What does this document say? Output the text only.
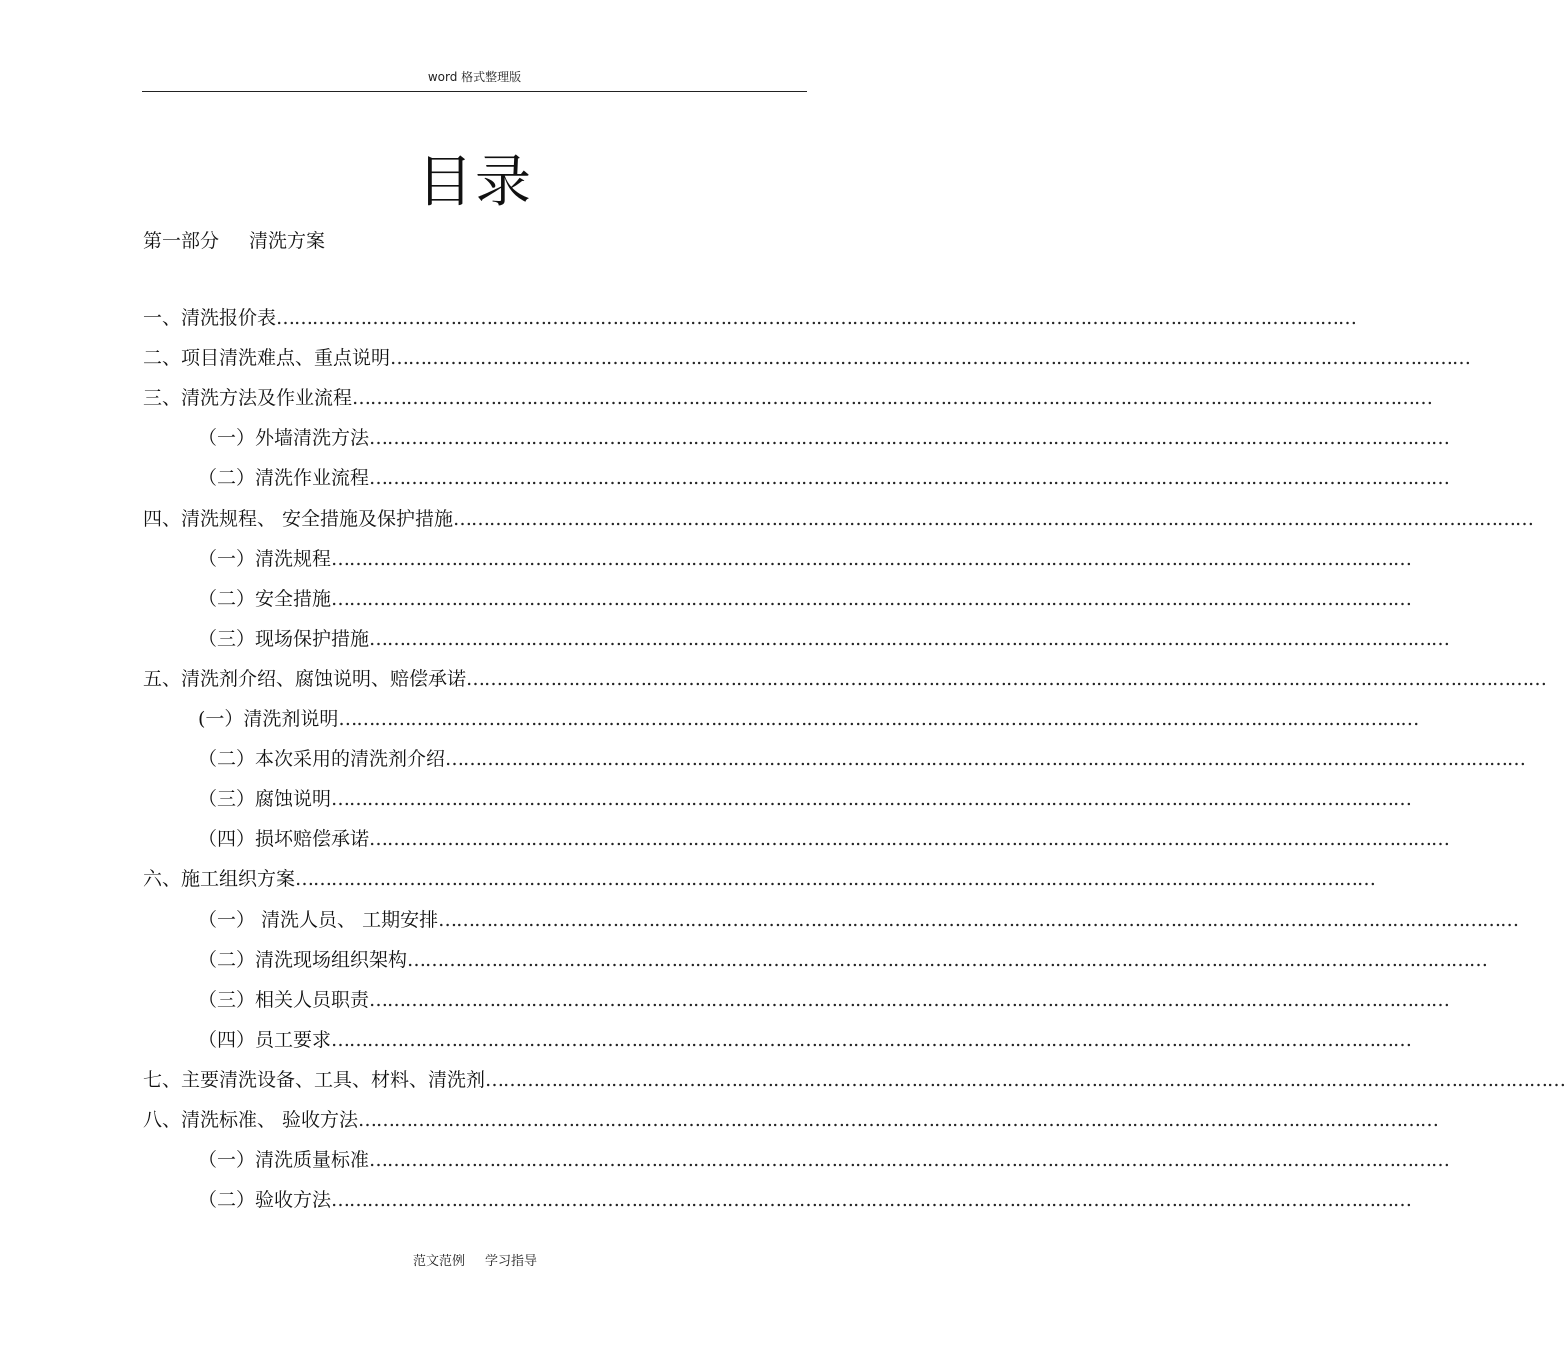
word 格式整理版
目录
第一部分 清洗方案
一、清洗报价表………………………………………………………………………………………………………………………………………………………………
二、项目清洗难点、重点说明………………………………………………………………………………………………………………………………………………………………
三、清洗方法及作业流程………………………………………………………………………………………………………………………………………………………………
（一）外墙清洗方法………………………………………………………………………………………………………………………………………………………………
（二）清洗作业流程………………………………………………………………………………………………………………………………………………………………
四、清洗规程、 安全措施及保护措施………………………………………………………………………………………………………………………………………………………………
（一）清洗规程………………………………………………………………………………………………………………………………………………………………
（二）安全措施………………………………………………………………………………………………………………………………………………………………
（三）现场保护措施………………………………………………………………………………………………………………………………………………………………
五、清洗剂介绍、腐蚀说明、赔偿承诺………………………………………………………………………………………………………………………………………………………………
(一）清洗剂说明………………………………………………………………………………………………………………………………………………………………
（二）本次采用的清洗剂介绍………………………………………………………………………………………………………………………………………………………………
（三）腐蚀说明………………………………………………………………………………………………………………………………………………………………
（四）损坏赔偿承诺………………………………………………………………………………………………………………………………………………………………
六、施工组织方案………………………………………………………………………………………………………………………………………………………………
（一） 清洗人员、 工期安排………………………………………………………………………………………………………………………………………………………………
（二）清洗现场组织架构………………………………………………………………………………………………………………………………………………………………
（三）相关人员职责………………………………………………………………………………………………………………………………………………………………
（四）员工要求………………………………………………………………………………………………………………………………………………………………
七、主要清洗设备、工具、材料、清洗剂………………………………………………………………………………………………………………………………………………………………
八、清洗标准、 验收方法………………………………………………………………………………………………………………………………………………………………
（一）清洗质量标准………………………………………………………………………………………………………………………………………………………………
（二）验收方法………………………………………………………………………………………………………………………………………………………………
范文范例 学习指导
